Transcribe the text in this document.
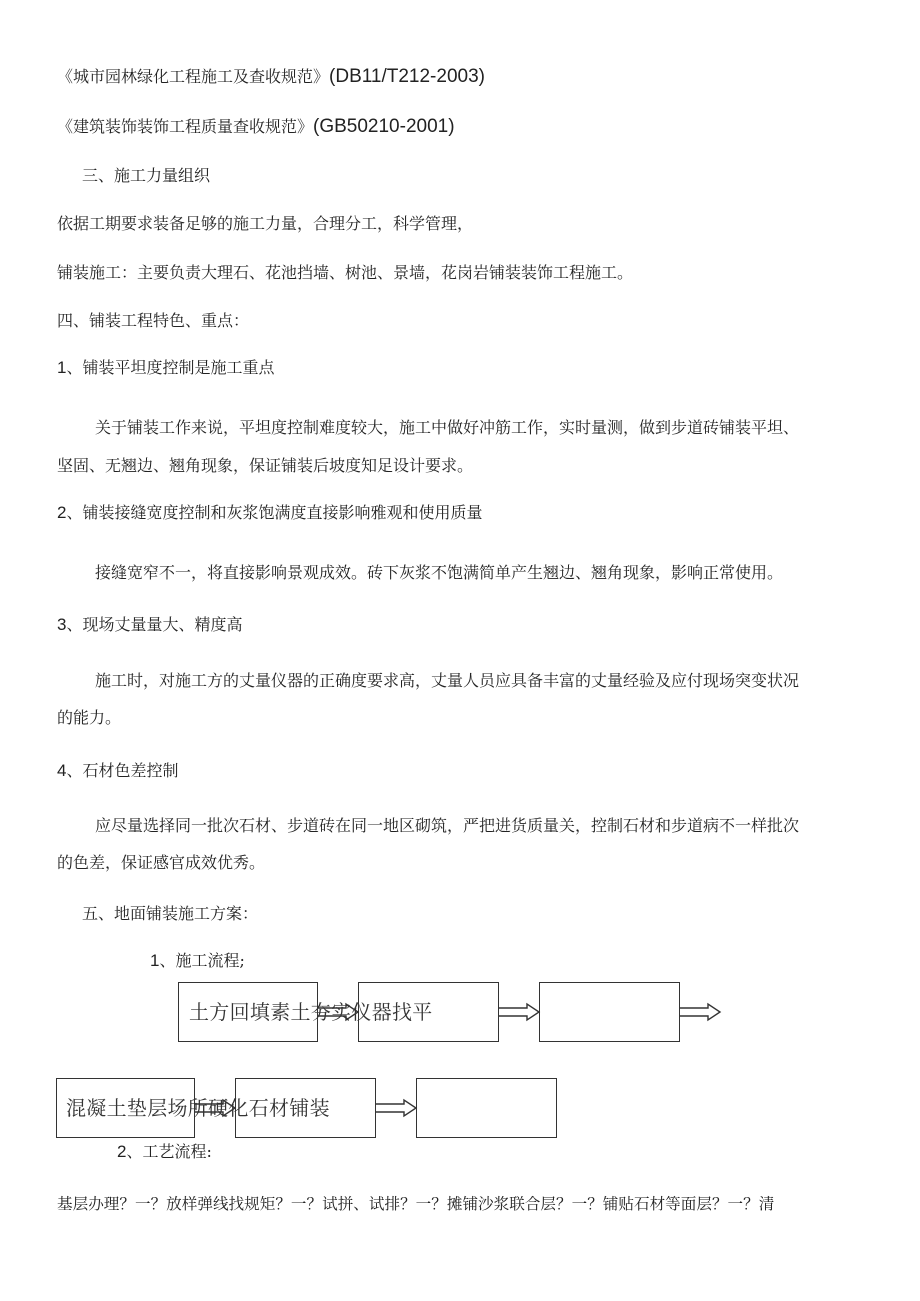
《城市园林绿化工程施工及查收规范》(DB11/T212-2003)
《建筑装饰装饰工程质量查收规范》(GB50210-2001)
三、施工力量组织
依据工期要求装备足够的施工力量，合理分工，科学管理，
铺装施工：主要负责大理石、花池挡墙、树池、景墙，花岗岩铺装装饰工程施工。
四、铺装工程特色、重点：
1、铺装平坦度控制是施工重点
关于铺装工作来说，平坦度控制难度较大，施工中做好冲筋工作，实时量测，做到步道砖铺装平坦、
坚固、无翘边、翘角现象，保证铺装后坡度知足设计要求。
2、铺装接缝宽度控制和灰浆饱满度直接影响雅观和使用质量
接缝宽窄不一，将直接影响景观成效。砖下灰浆不饱满简单产生翘边、翘角现象，影响正常使用。
3、现场丈量量大、精度高
施工时，对施工方的丈量仪器的正确度要求高，丈量人员应具备丰富的丈量经验及应付现场突变状况
的能力。
4、石材色差控制
应尽量选择同一批次石材、步道砖在同一地区砌筑，严把进货质量关，控制石材和步道病不一样批次
的色差，保证感官成效优秀。
五、地面铺装施工方案：
1、施工流程;
土方回填素土夯实仪器找平
混凝土垫层场所硬化石材铺装
2、工艺流程:
基层办理？一？放样弹线找规矩？一？试拼、试排？一？摊铺沙浆联合层？一？铺贴石材等面层？一？清
